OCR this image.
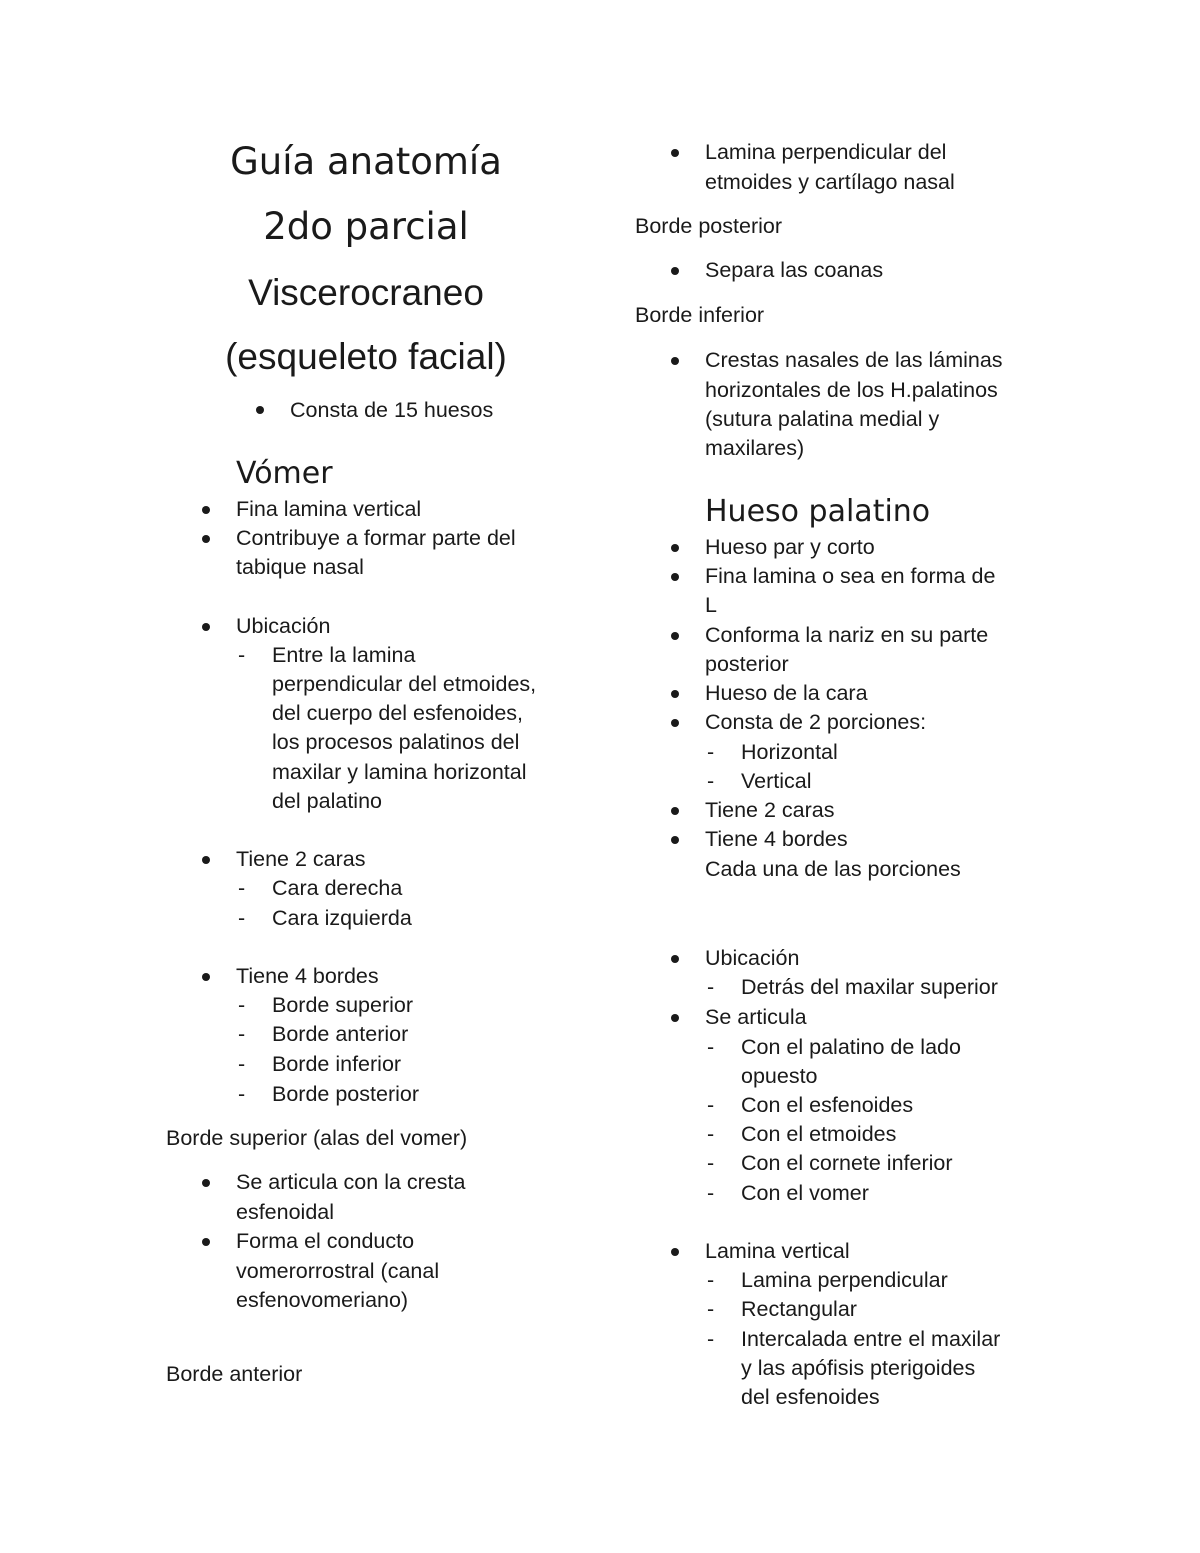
Guía anatomía
2do parcial
Viscerocraneo
(esqueleto facial)
Consta de 15 huesos
Vómer
Fina lamina vertical
Contribuye a formar parte del
tabique nasal
Ubicación
- Entre la lamina
perpendicular del etmoides,
del cuerpo del esfenoides,
los procesos palatinos del
maxilar y lamina horizontal
del palatino
Tiene 2 caras
- Cara derecha
- Cara izquierda
Tiene 4 bordes
- Borde superior
- Borde anterior
- Borde inferior
- Borde posterior
Borde superior (alas del vomer)
Se articula con la cresta
esfenoidal
Forma el conducto
vomerorrostral (canal
esfenovomeriano)
Borde anterior
Lamina perpendicular del
etmoides y cartílago nasal
Borde posterior
Separa las coanas
Borde inferior
Crestas nasales de las láminas
horizontales de los H.palatinos
(sutura palatina medial y
maxilares)
Hueso palatino
Hueso par y corto
Fina lamina o sea en forma de
L
Conforma la nariz en su parte
posterior
Hueso de la cara
Consta de 2 porciones:
- Horizontal
- Vertical
Tiene 2 caras
Tiene 4 bordes
Cada una de las porciones
Ubicación
- Detrás del maxilar superior
Se articula
- Con el palatino de lado
opuesto
- Con el esfenoides
- Con el etmoides
- Con el cornete inferior
- Con el vomer
Lamina vertical
- Lamina perpendicular
- Rectangular
- Intercalada entre el maxilar
y las apófisis pterigoides
del esfenoides
